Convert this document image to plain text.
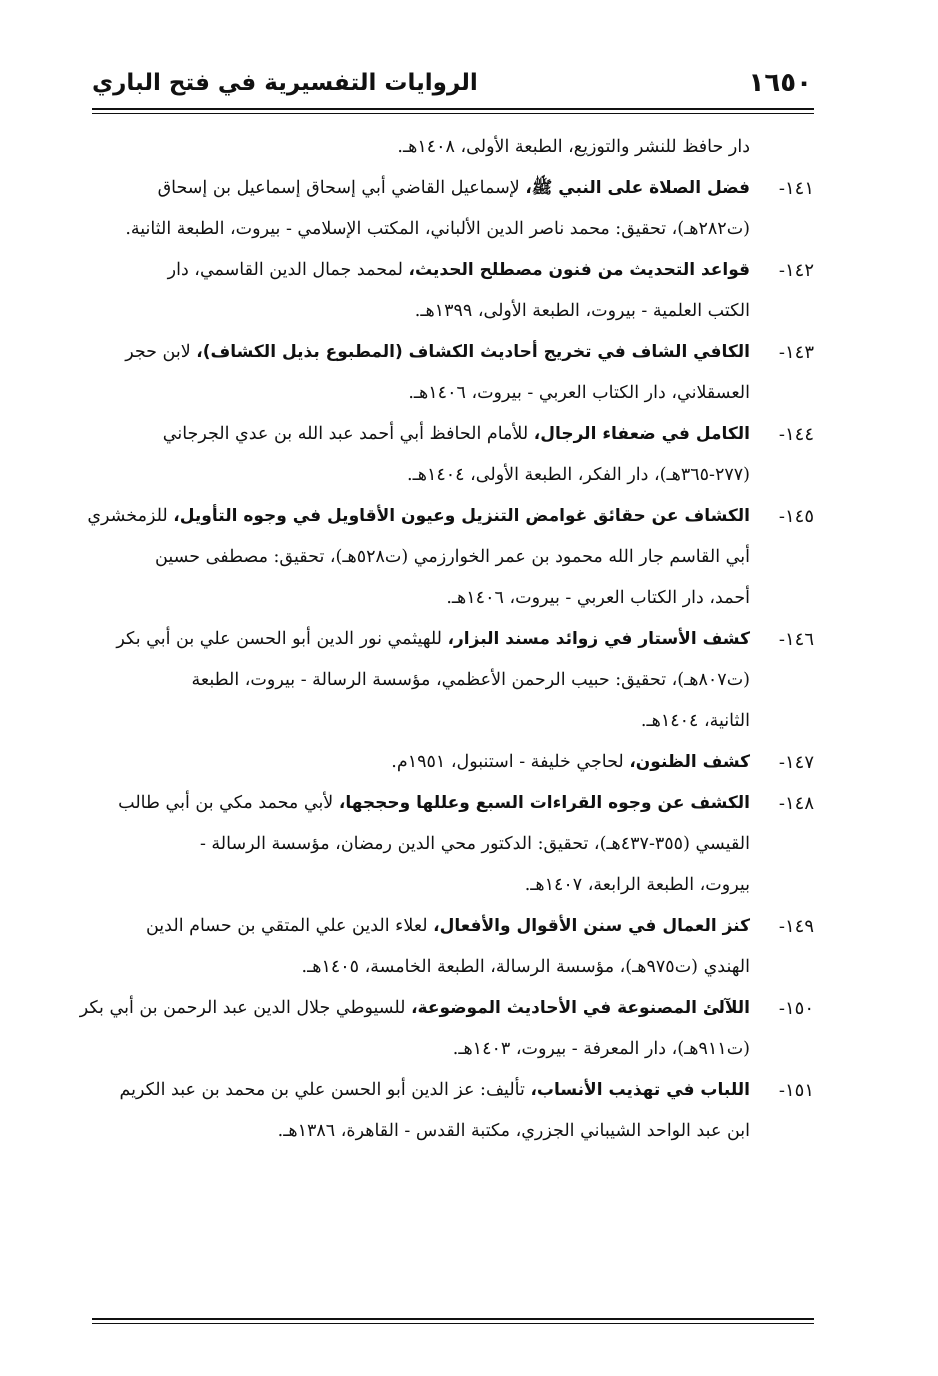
١٦٥٠
الروايات التفسيرية في فتح الباري
دار حافظ للنشر والتوزيع، الطبعة الأولى، ١٤٠٨هـ.
١٤١-
فضل الصلاة على النبي ﷺ، لإسماعيل القاضي أبي إسحاق إسماعيل بن إسحاق
(ت٢٨٢هـ)، تحقيق: محمد ناصر الدين الألباني، المكتب الإسلامي - بيروت، الطبعة الثانية.
١٤٢-
قواعد التحديث من فنون مصطلح الحديث، لمحمد جمال الدين القاسمي، دار
الكتب العلمية - بيروت، الطبعة الأولى، ١٣٩٩هـ.
١٤٣-
الكافي الشاف في تخريج أحاديث الكشاف (المطبوع بذيل الكشاف)، لابن حجر
العسقلاني، دار الكتاب العربي - بيروت، ١٤٠٦هـ.
١٤٤-
الكامل في ضعفاء الرجال، للأمام الحافظ أبي أحمد عبد الله بن عدي الجرجاني
(٢٧٧-٣٦٥هـ)، دار الفكر، الطبعة الأولى، ١٤٠٤هـ.
١٤٥-
الكشاف عن حقائق غوامض التنزيل وعيون الأقاويل في وجوه التأويل، للزمخشري
أبي القاسم جار الله محمود بن عمر الخوارزمي (ت٥٢٨هـ)، تحقيق: مصطفى حسين
أحمد، دار الكتاب العربي - بيروت، ١٤٠٦هـ.
١٤٦-
كشف الأستار في زوائد مسند البزار، للهيثمي نور الدين أبو الحسن علي بن أبي بكر
(ت٨٠٧هـ)، تحقيق: حبيب الرحمن الأعظمي، مؤسسة الرسالة - بيروت، الطبعة
الثانية، ١٤٠٤هـ.
١٤٧-
كشف الظنون، لحاجي خليفة - استنبول، ١٩٥١م.
١٤٨-
الكشف عن وجوه القراءات السبع وعللها وحججها، لأبي محمد مكي بن أبي طالب
القيسي (٣٥٥-٤٣٧هـ)، تحقيق: الدكتور محي الدين رمضان، مؤسسة الرسالة -
بيروت، الطبعة الرابعة، ١٤٠٧هـ.
١٤٩-
كنز العمال في سنن الأقوال والأفعال، لعلاء الدين علي المتقي بن حسام الدين
الهندي (ت٩٧٥هـ)، مؤسسة الرسالة، الطبعة الخامسة، ١٤٠٥هـ.
١٥٠-
اللآلئ المصنوعة في الأحاديث الموضوعة، للسيوطي جلال الدين عبد الرحمن بن أبي بكر
(ت٩١١هـ)، دار المعرفة - بيروت، ١٤٠٣هـ.
١٥١-
اللباب في تهذيب الأنساب، تأليف: عز الدين أبو الحسن علي بن محمد بن عبد الكريم
ابن عبد الواحد الشيباني الجزري، مكتبة القدس - القاهرة، ١٣٨٦هـ.
